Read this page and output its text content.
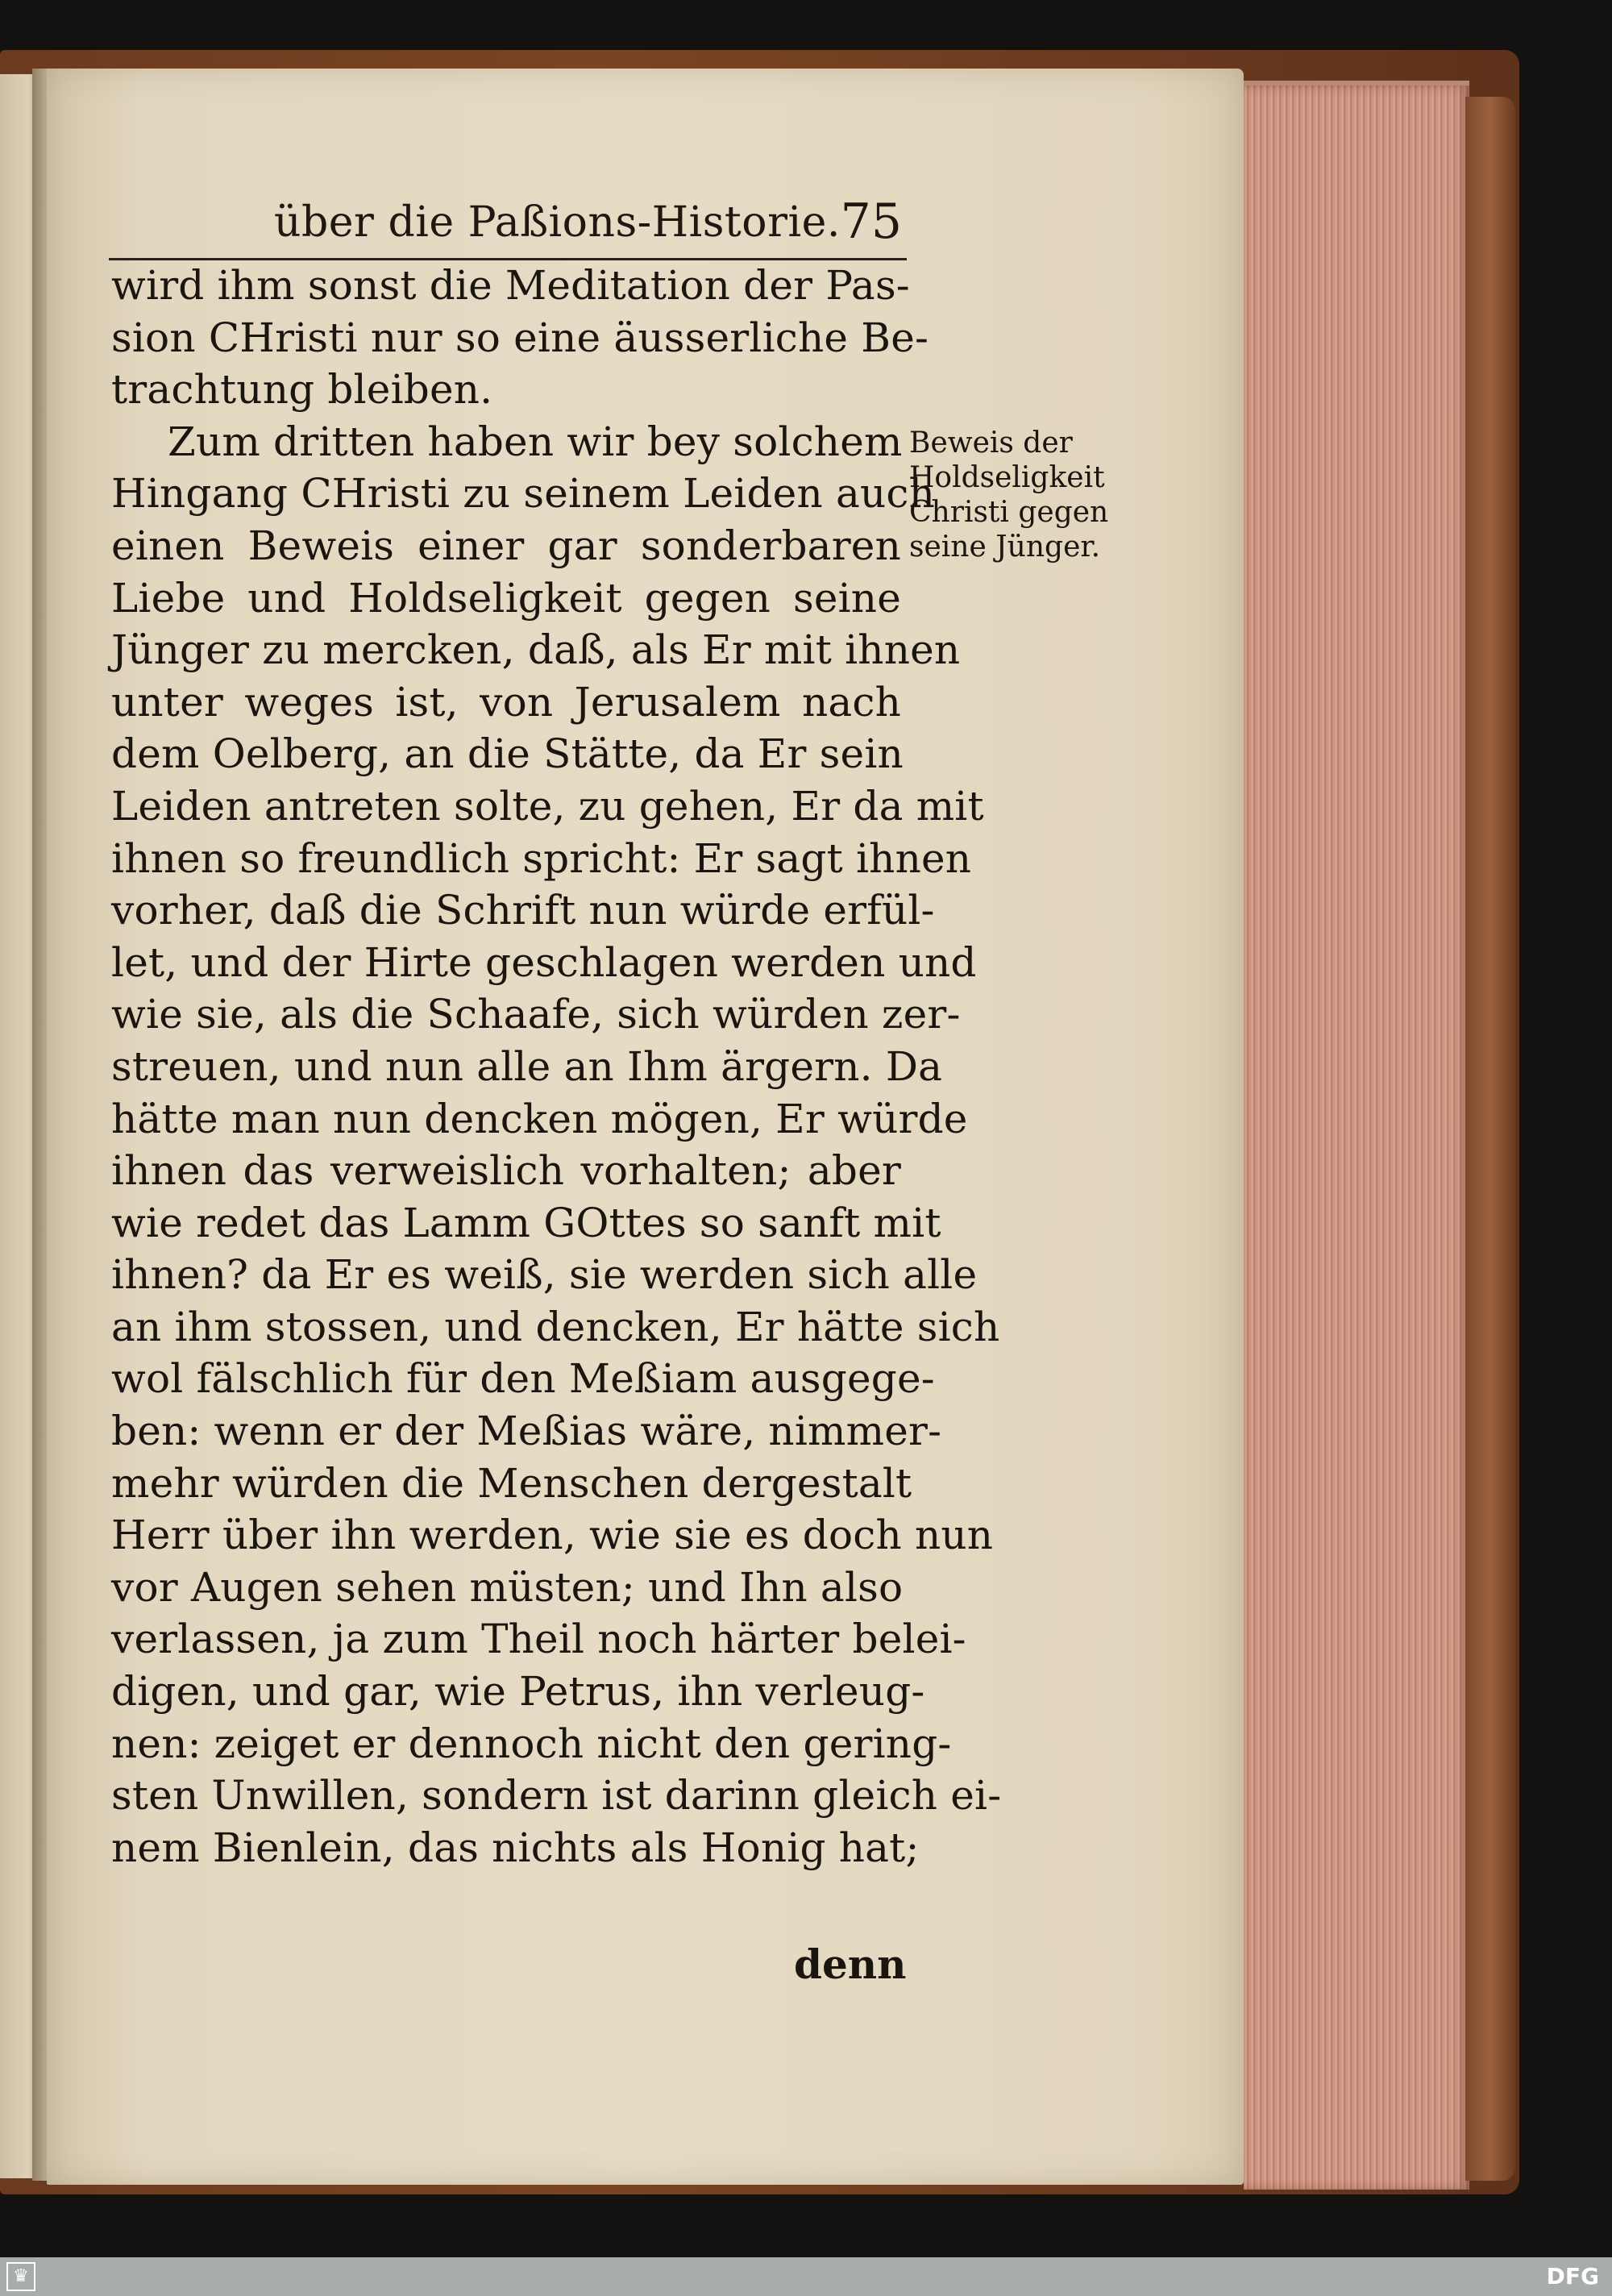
über die Paßions-Historie. 75
wird ihm sonst die Meditation der Pas-
sion CHristi nur so eine äusserliche Be-
trachtung bleiben.
Zum dritten haben wir bey solchem
Hingang CHristi zu seinem Leiden auch
einen Beweis einer gar sonderbaren
Liebe und Holdseligkeit gegen seine
Jünger zu mercken, daß, als Er mit ihnen
unter weges ist, von Jerusalem nach
dem Oelberg, an die Stätte, da Er sein
Leiden antreten solte, zu gehen, Er da mit
ihnen so freundlich spricht: Er sagt ihnen
vorher, daß die Schrift nun würde erfül-
let, und der Hirte geschlagen werden und
wie sie, als die Schaafe, sich würden zer-
streuen, und nun alle an Ihm ärgern. Da
hätte man nun dencken mögen, Er würde
ihnen das verweislich vorhalten; aber
wie redet das Lamm GOttes so sanft mit
ihnen? da Er es weiß, sie werden sich alle
an ihm stossen, und dencken, Er hätte sich
wol fälschlich für den Meßiam ausgege-
ben: wenn er der Meßias wäre, nimmer-
mehr würden die Menschen dergestalt
Herr über ihn werden, wie sie es doch nun
vor Augen sehen müsten; und Ihn also
verlassen, ja zum Theil noch härter belei-
digen, und gar, wie Petrus, ihn verleug-
nen: zeiget er dennoch nicht den gering-
sten Unwillen, sondern ist darinn gleich ei-
nem Bienlein, das nichts als Honig hat;
denn
Beweis der
Holdseligkeit
Christi gegen
seine Jünger.
♛	DFG
